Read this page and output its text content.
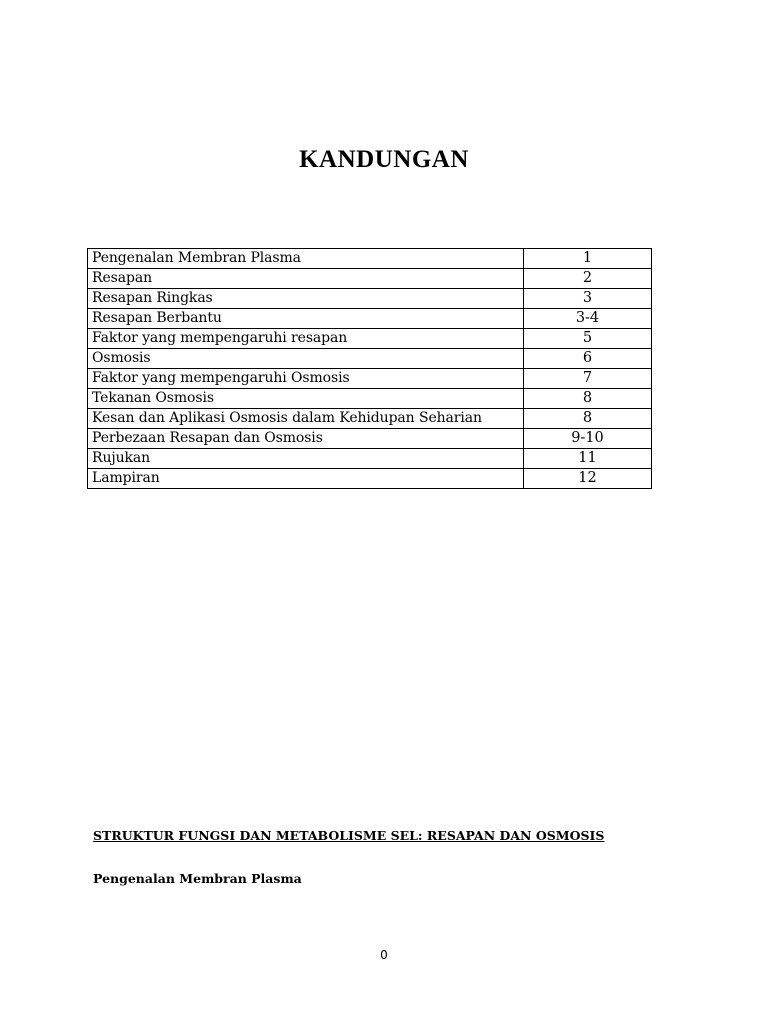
KANDUNGAN
Pengenalan Membran Plasma	1
Resapan	2
Resapan Ringkas	3
Resapan Berbantu	3-4
Faktor yang mempengaruhi resapan	5
Osmosis	6
Faktor yang mempengaruhi Osmosis	7
Tekanan Osmosis	8
Kesan dan Aplikasi Osmosis dalam Kehidupan Seharian	8
Perbezaan Resapan dan Osmosis	9-10
Rujukan	11
Lampiran	12
STRUKTUR FUNGSI DAN METABOLISME SEL: RESAPAN DAN OSMOSIS
Pengenalan Membran Plasma
0
